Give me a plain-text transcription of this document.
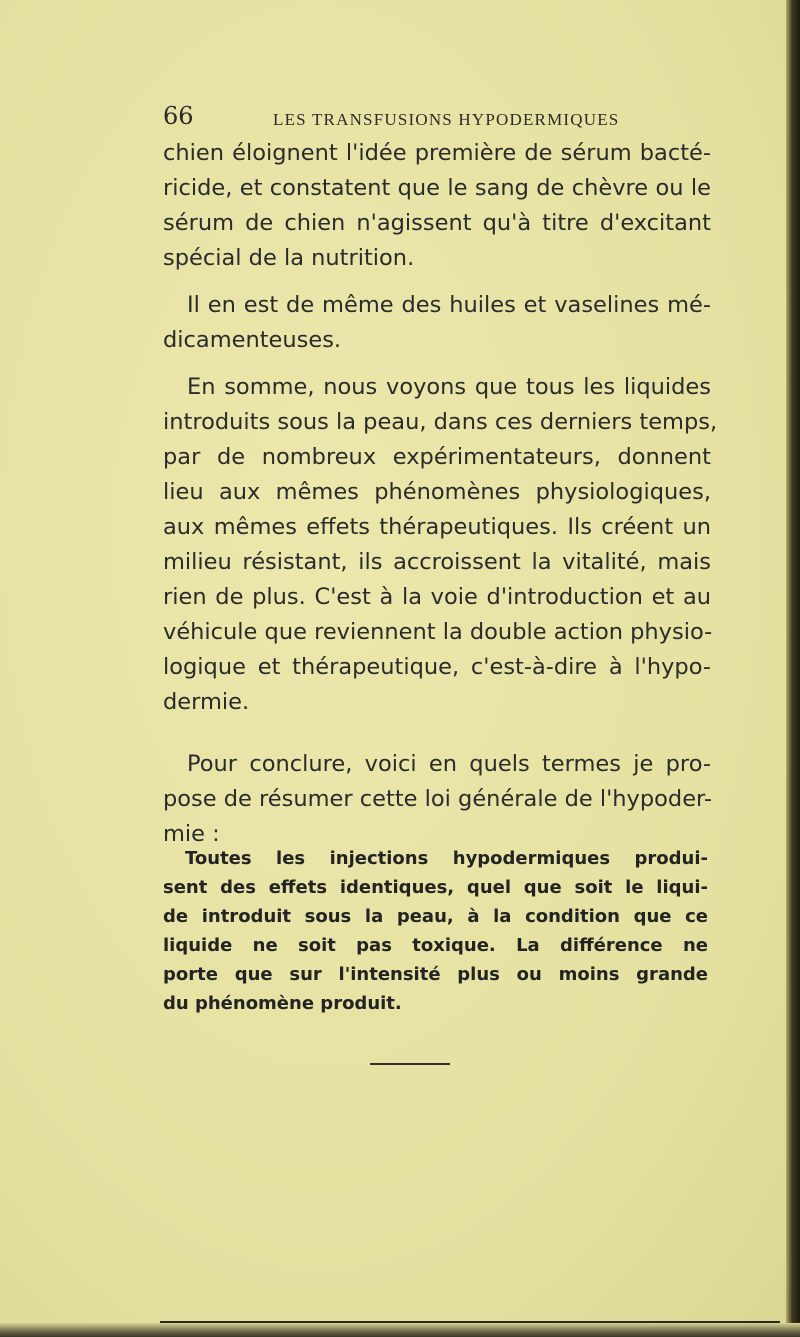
66	LES TRANSFUSIONS HYPODERMIQUES
chien éloignent l'idée première de sérum bacté-
ricide, et constatent que le sang de chèvre ou le
sérum de chien n'agissent qu'à titre d'excitant
spécial de la nutrition.
Il en est de même des huiles et vaselines mé-
dicamenteuses.
En somme, nous voyons que tous les liquides
introduits sous la peau, dans ces derniers temps,
par de nombreux expérimentateurs, donnent
lieu aux mêmes phénomènes physiologiques,
aux mêmes effets thérapeutiques. Ils créent un
milieu résistant, ils accroissent la vitalité, mais
rien de plus. C'est à la voie d'introduction et au
véhicule que reviennent la double action physio-
logique et thérapeutique, c'est-à-dire à l'hypo-
dermie.
Pour conclure, voici en quels termes je pro-
pose de résumer cette loi générale de l'hypoder-
mie :
Toutes les injections hypodermiques produi-
sent des effets identiques, quel que soit le liqui-
de introduit sous la peau, à la condition que ce
liquide ne soit pas toxique. La différence ne
porte que sur l'intensité plus ou moins grande
du phénomène produit.
